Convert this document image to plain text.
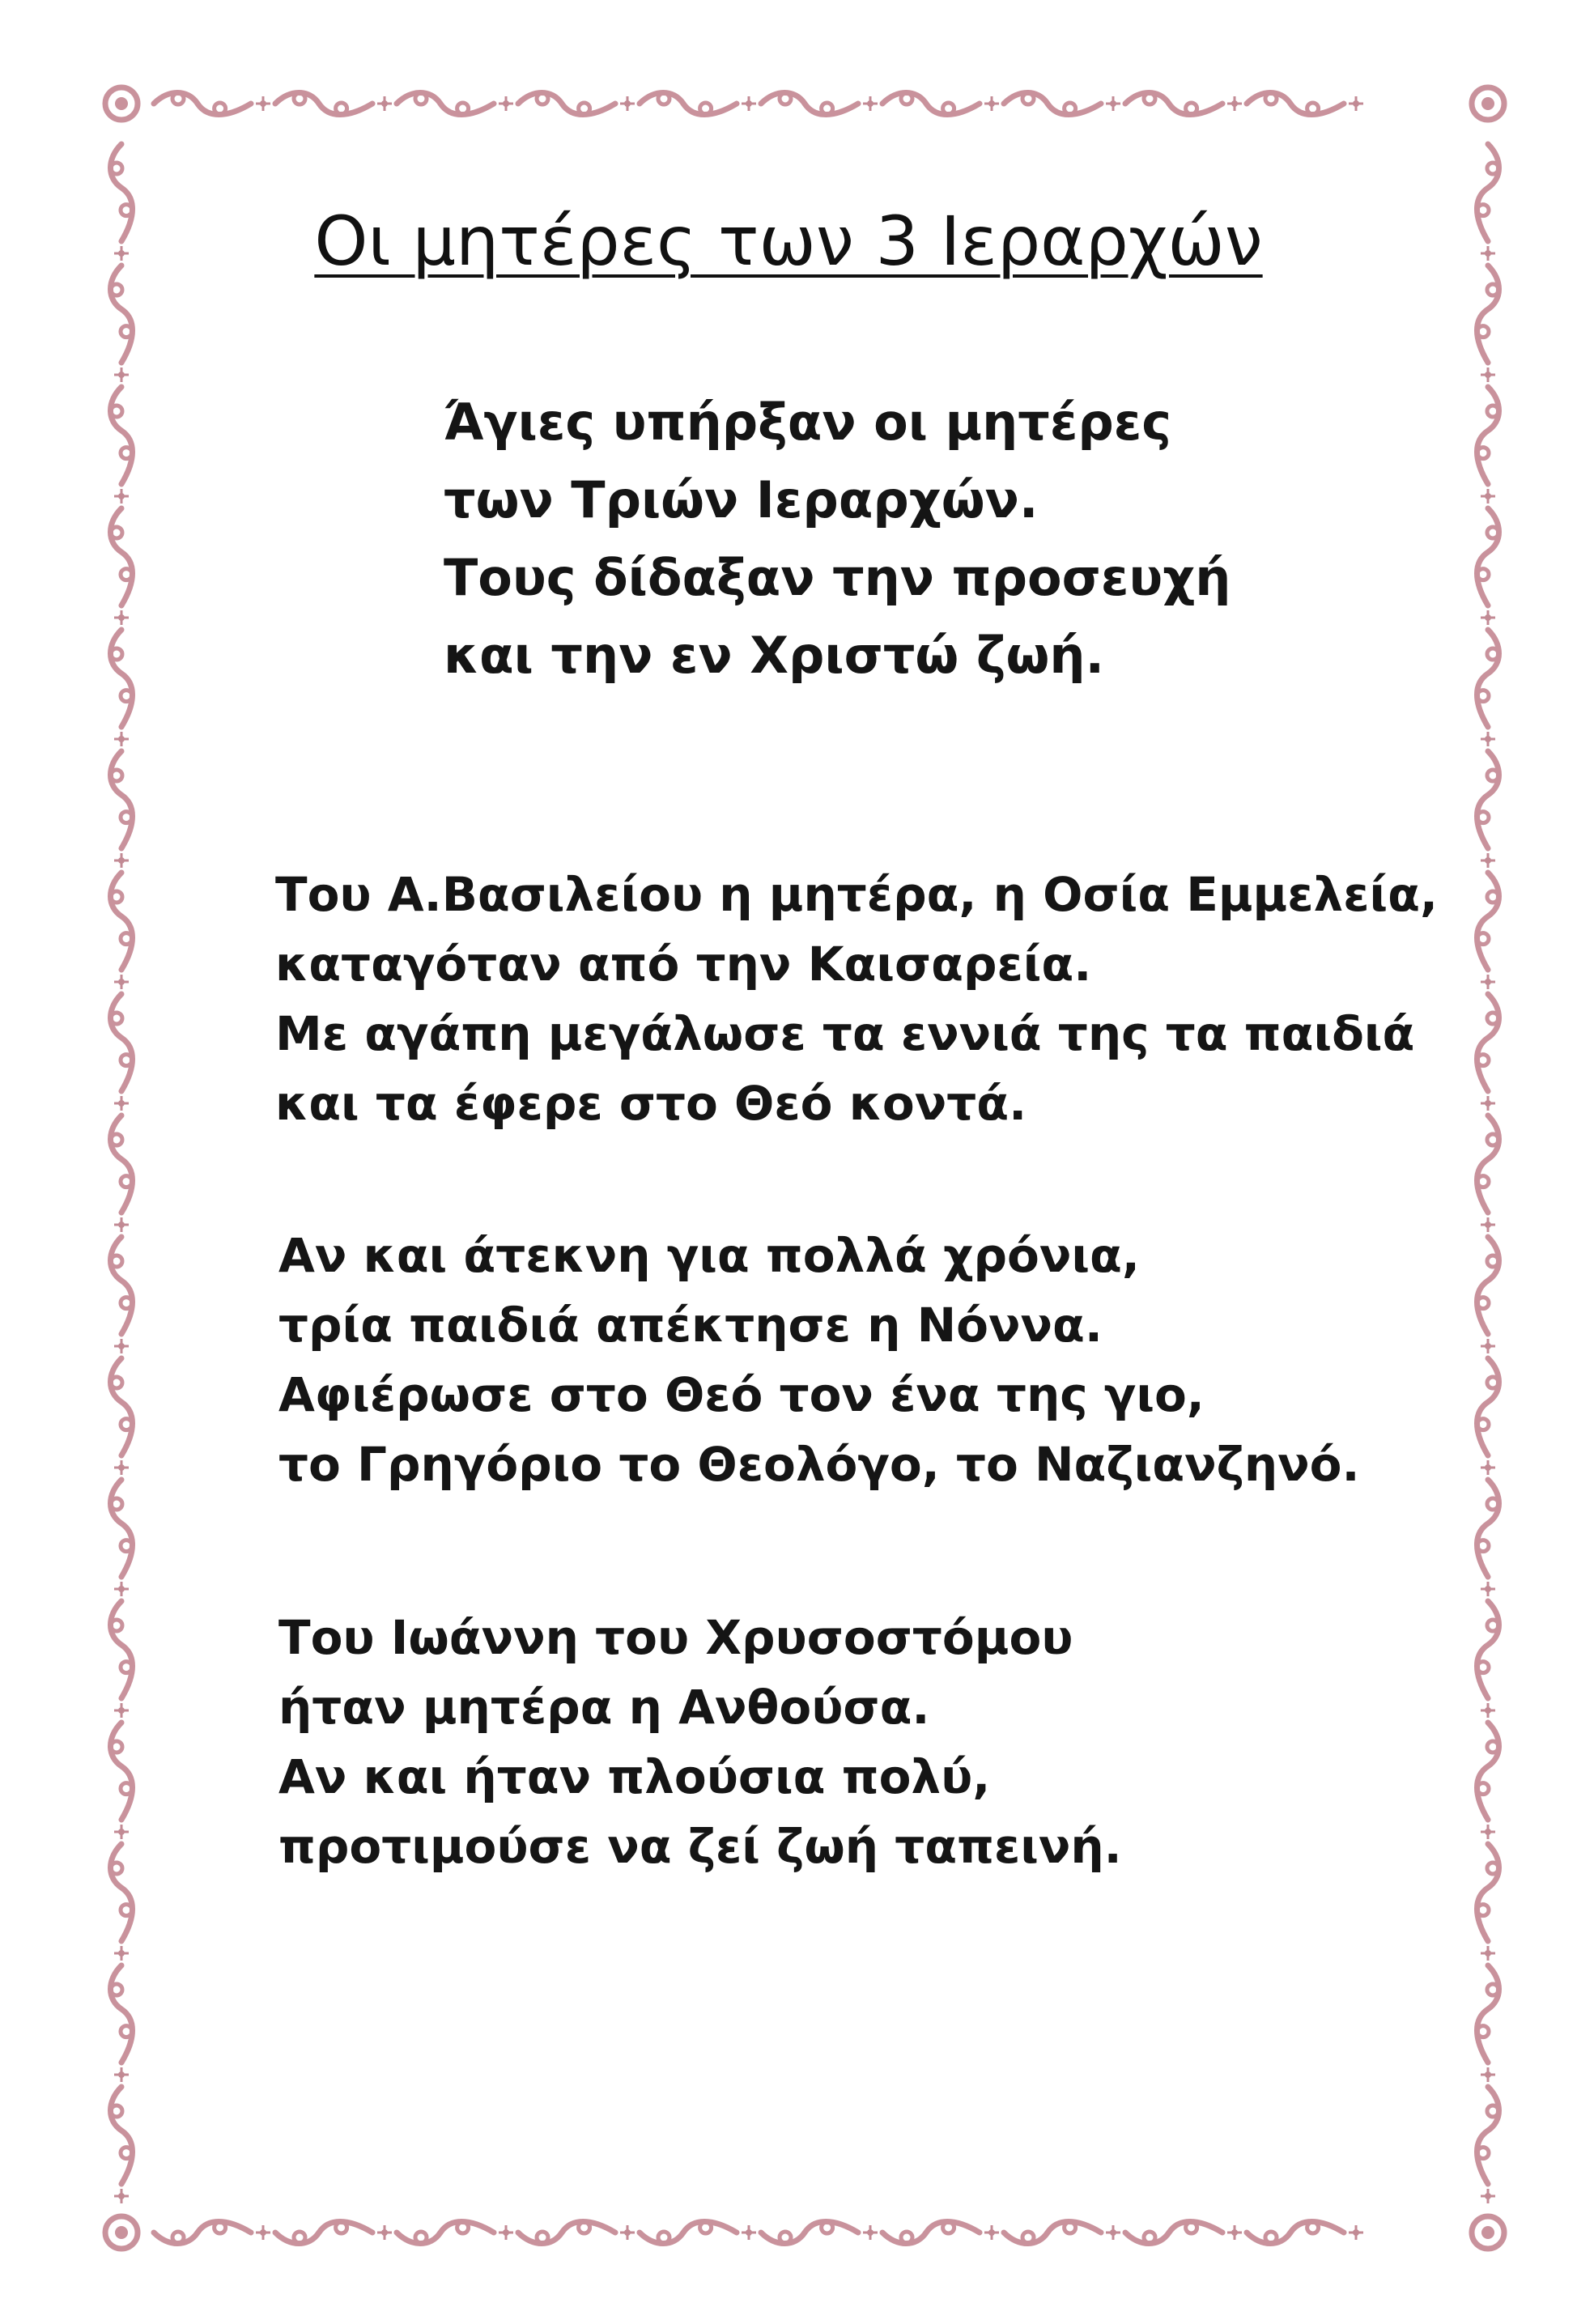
Οι μητέρες των 3 Ιεραρχών
Άγιες υπήρξαν οι μητέρες
των Τριών Ιεραρχών.
Τους δίδαξαν την προσευχή
και την εν Χριστώ ζωή.
Του Α.Βασιλείου η μητέρα, η Οσία Εμμελεία,
καταγόταν από την Καισαρεία.
Με αγάπη μεγάλωσε τα εννιά της τα παιδιά
και τα έφερε στο Θεό κοντά.
Αν και άτεκνη για πολλά χρόνια,
τρία παιδιά απέκτησε η Νόννα.
Αφιέρωσε στο Θεό τον ένα της γιο,
το Γρηγόριο το Θεολόγο, το Ναζιανζηνό.
Του Ιωάννη του Χρυσοστόμου
ήταν μητέρα η Ανθούσα.
Αν και ήταν πλούσια πολύ,
προτιμούσε να ζεί ζωή ταπεινή.
